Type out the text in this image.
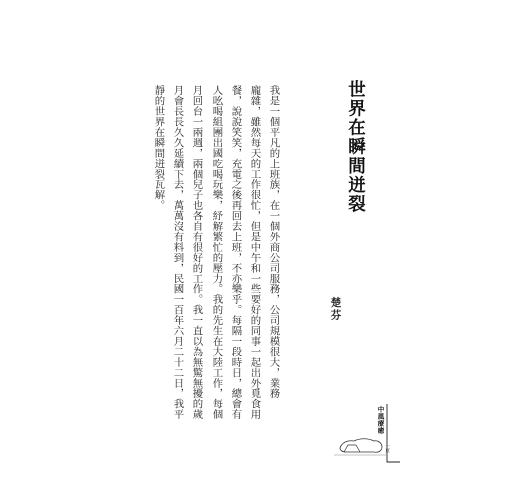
世界在瞬間迸裂
我是一個平凡的上班族，在一個外商公司服務，公司規模很大，業務
龐雜，雖然每天的工作很忙，但是中午和一些要好的同事一起出外覓食用
餐，說說笑笑，充電之後再回去上班，不亦樂乎。每隔一段時日，總會有
人吆喝組團出國吃喝玩樂，紓解繁忙的壓力。我的先生在大陸工作，每個
月回台一兩週，兩個兒子也各自有很好的工作。我一直以為無驚無擾的歲
月會長長久久延續下去，萬萬沒有料到，民國一百年六月二十二日，我平
靜的世界在瞬間迸裂瓦解。
楚芬
中風療癒
一頁
